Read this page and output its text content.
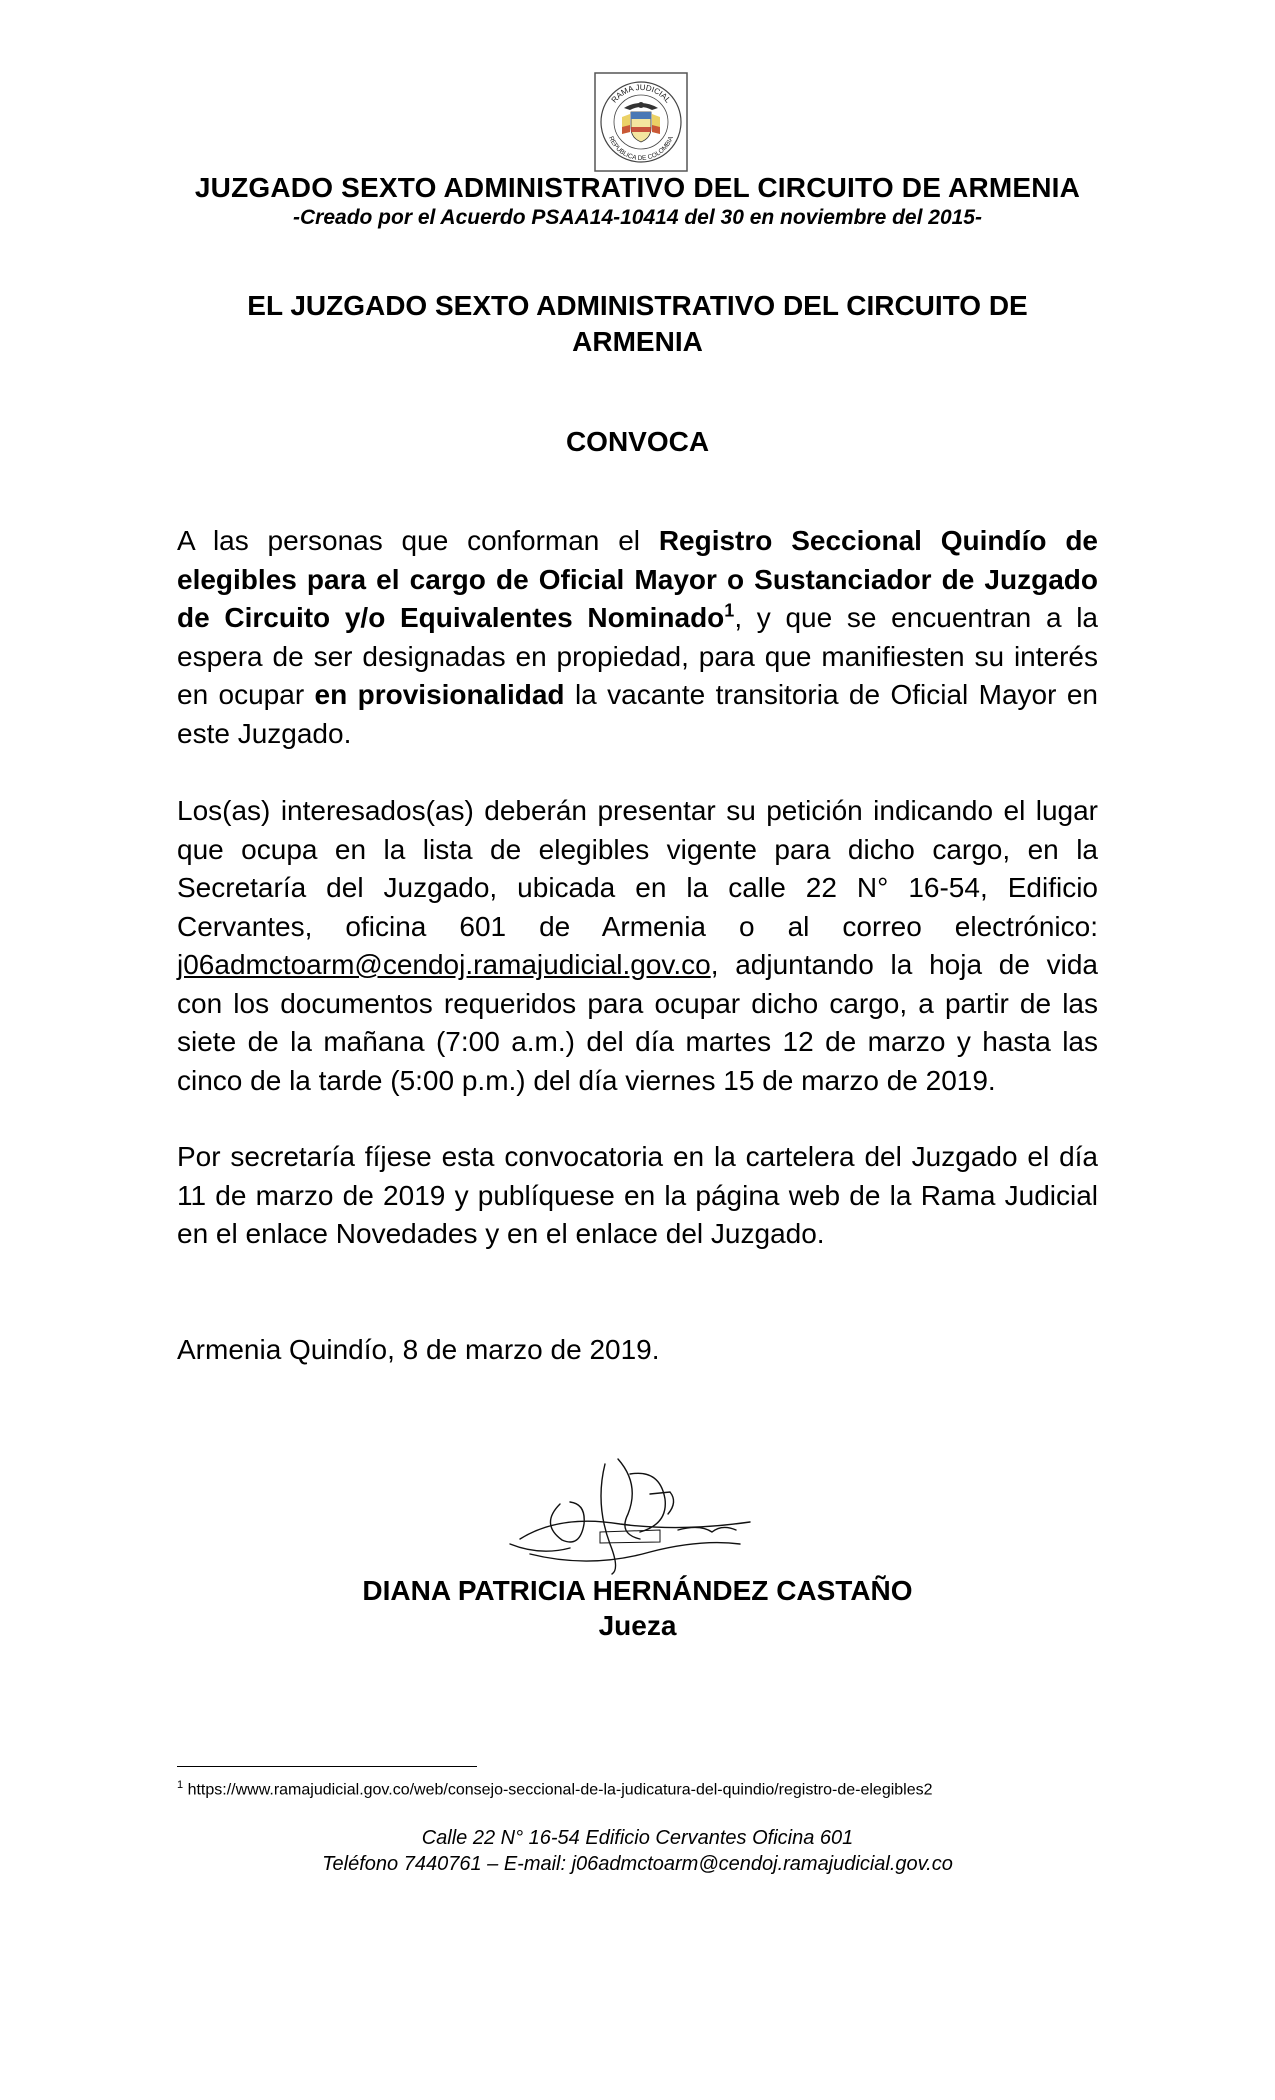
RAMA JUDICIAL
REPUBLICA DE COLOMBIA
JUZGADO SEXTO ADMINISTRATIVO DEL CIRCUITO DE ARMENIA
-Creado por el Acuerdo PSAA14-10414 del 30 en noviembre del 2015-
EL JUZGADO SEXTO ADMINISTRATIVO DEL CIRCUITO DE ARMENIA
CONVOCA
A las personas que conforman el Registro Seccional Quindío de elegibles para el cargo de Oficial Mayor o Sustanciador de Juzgado de Circuito y/o Equivalentes Nominado$^1$, y que se encuentran a la espera de ser designadas en propiedad, para que manifiesten su interés en ocupar en provisionalidad la vacante transitoria de Oficial Mayor en este Juzgado.
Los(as) interesados(as) deberán presentar su petición indicando el lugar que ocupa en la lista de elegibles vigente para dicho cargo, en la Secretaría del Juzgado, ubicada en la calle 22 N° 16-54, Edificio Cervantes, oficina 601 de Armenia o al correo electrónico: j06admctoarm@cendoj.ramajudicial.gov.co, adjuntando la hoja de vida con los documentos requeridos para ocupar dicho cargo, a partir de las siete de la mañana (7:00 a.m.) del día martes 12 de marzo y hasta las cinco de la tarde (5:00 p.m.) del día viernes 15 de marzo de 2019.
Por secretaría fíjese esta convocatoria en la cartelera del Juzgado el día 11 de marzo de 2019 y publíquese en la página web de la Rama Judicial en el enlace Novedades y en el enlace del Juzgado.
Armenia Quindío, 8 de marzo de 2019.
DIANA PATRICIA HERNÁNDEZ CASTAÑO
Jueza
$^1$ https://www.ramajudicial.gov.co/web/consejo-seccional-de-la-judicatura-del-quindio/registro-de-elegibles2
Calle 22 N° 16-54 Edificio Cervantes Oficina 601
Teléfono 7440761 – E-mail: j06admctoarm@cendoj.ramajudicial.gov.co
